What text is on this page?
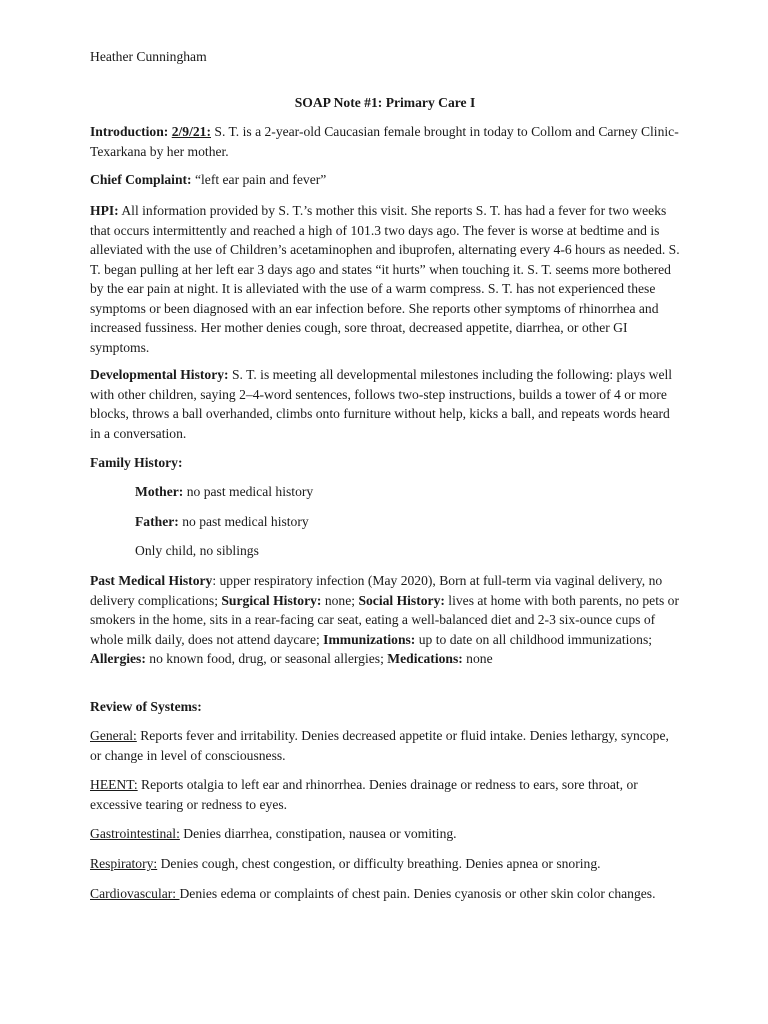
Heather Cunningham

SOAP Note #1: Primary Care I

Introduction: 2/9/21: S. T. is a 2-year-old Caucasian female brought in today to Collom and Carney Clinic-Texarkana by her mother.

Chief Complaint: “left ear pain and fever”

HPI: All information provided by S. T.’s mother this visit. She reports S. T. has had a fever for two weeks that occurs intermittently and reached a high of 101.3 two days ago. The fever is worse at bedtime and is alleviated with the use of Children’s acetaminophen and ibuprofen, alternating every 4-6 hours as needed. S. T. began pulling at her left ear 3 days ago and states “it hurts” when touching it. S. T. seems more bothered by the ear pain at night. It is alleviated with the use of a warm compress. S. T. has not experienced these symptoms or been diagnosed with an ear infection before. She reports other symptoms of rhinorrhea and increased fussiness. Her mother denies cough, sore throat, decreased appetite, diarrhea, or other GI symptoms.

Developmental History: S. T. is meeting all developmental milestones including the following: plays well with other children, saying 2–4-word sentences, follows two-step instructions, builds a tower of 4 or more blocks, throws a ball overhanded, climbs onto furniture without help, kicks a ball, and repeats words heard in a conversation.

Family History:

Mother: no past medical history

Father: no past medical history

Only child, no siblings

Past Medical History: upper respiratory infection (May 2020), Born at full-term via vaginal delivery, no delivery complications; Surgical History: none; Social History: lives at home with both parents, no pets or smokers in the home, sits in a rear-facing car seat, eating a well-balanced diet and 2-3 six-ounce cups of whole milk daily, does not attend daycare; Immunizations: up to date on all childhood immunizations; Allergies: no known food, drug, or seasonal allergies; Medications: none

Review of Systems:

General: Reports fever and irritability. Denies decreased appetite or fluid intake. Denies lethargy, syncope, or change in level of consciousness.

HEENT: Reports otalgia to left ear and rhinorrhea. Denies drainage or redness to ears, sore throat, or excessive tearing or redness to eyes.

Gastrointestinal: Denies diarrhea, constipation, nausea or vomiting.

Respiratory: Denies cough, chest congestion, or difficulty breathing. Denies apnea or snoring.

Cardiovascular: Denies edema or complaints of chest pain. Denies cyanosis or other skin color changes.
